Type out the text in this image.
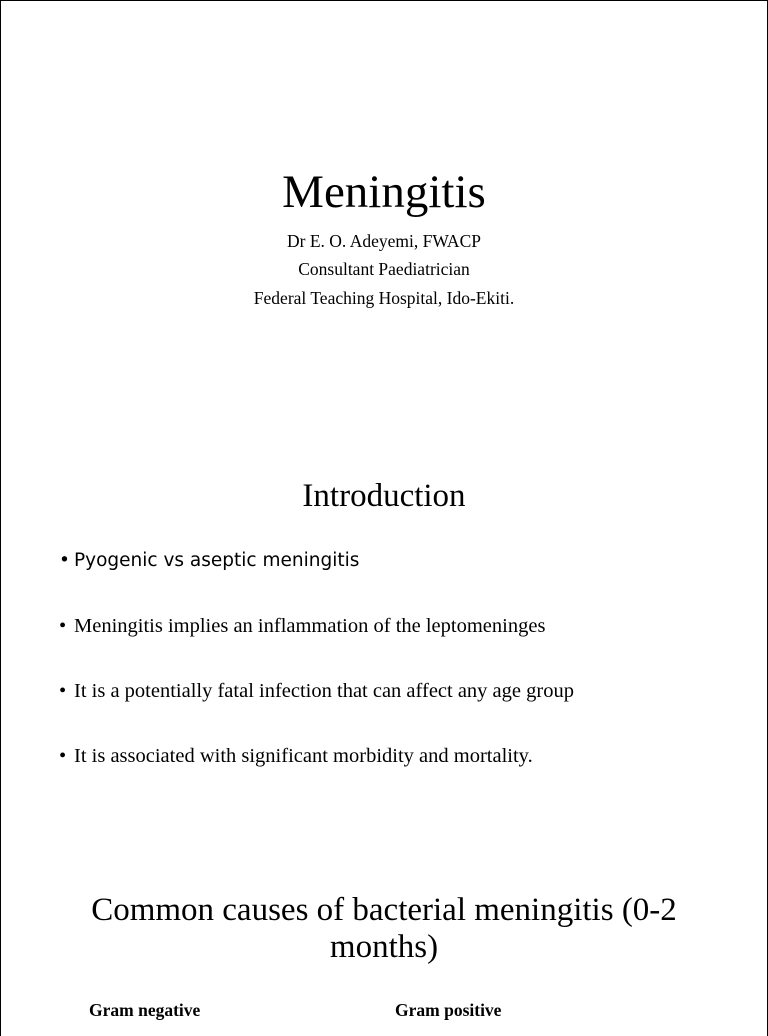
Meningitis
Dr E. O. Adeyemi, FWACP
Consultant Paediatrician
Federal Teaching Hospital, Ido-Ekiti.
Introduction
• Pyogenic vs aseptic meningitis
• Meningitis implies an inflammation of the leptomeninges
• It is a potentially fatal infection that can affect any age group
• It is associated with significant morbidity and mortality.
Common causes of bacterial meningitis (0-2
months)
Gram negative	Gram positive
